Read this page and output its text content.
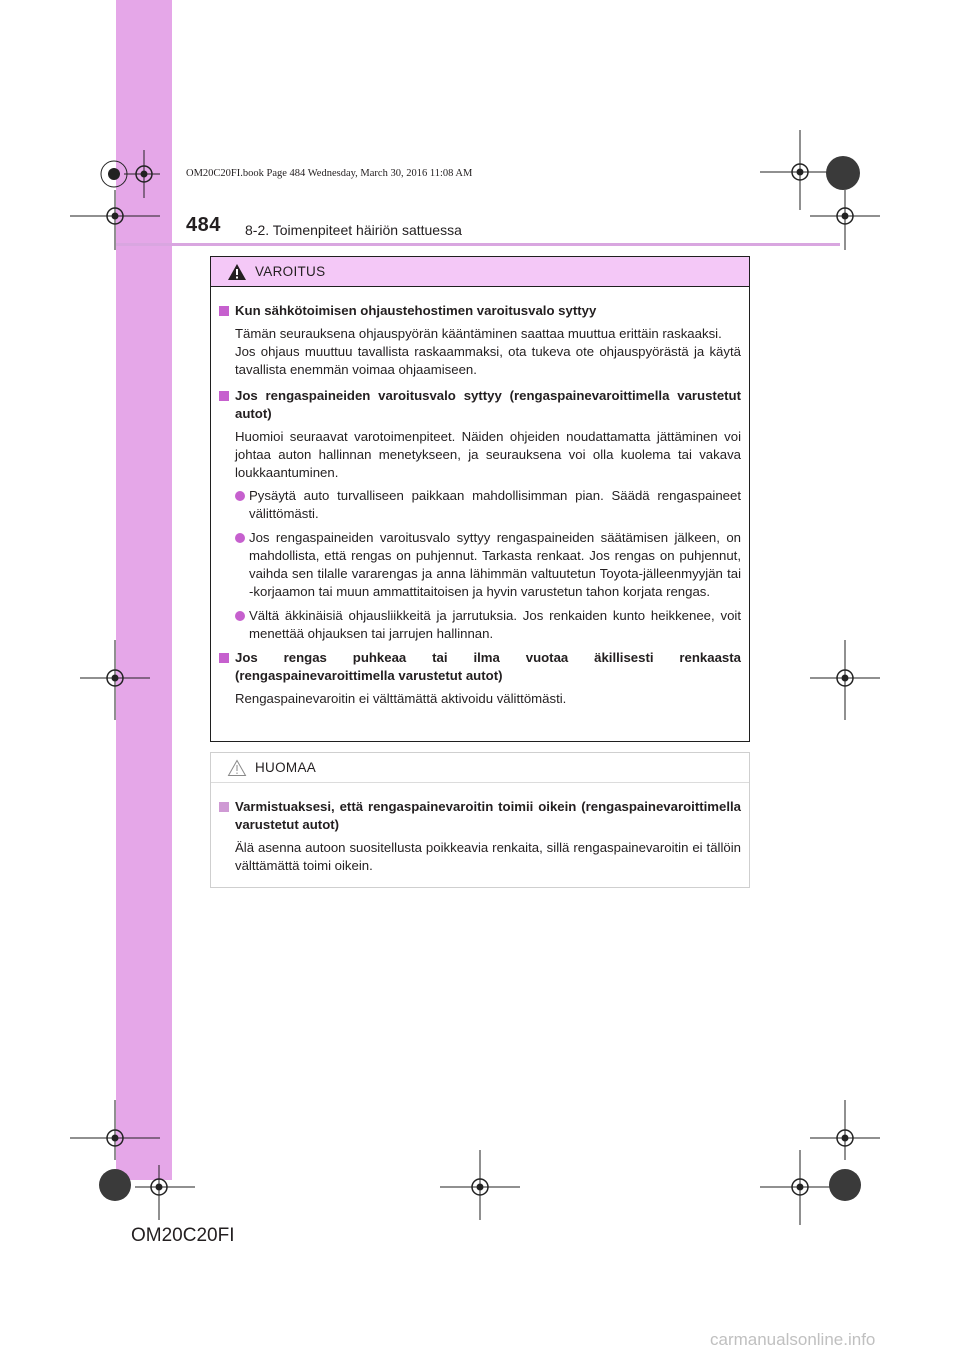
OM20C20FI.book Page 484 Wednesday, March 30, 2016 11:08 AM
484 8-2. Toimenpiteet häiriön sattuessa
OM20C20FI
carmanualsonline.info
VAROITUS
Kun sähkötoimisen ohjaustehostimen varoitusvalo syttyy

Tämän seurauksena ohjauspyörän kääntäminen saattaa muuttua erittäin raskaaksi.

Jos ohjaus muuttuu tavallista raskaammaksi, ota tukeva ote ohjauspyörästä ja käytä tavallista enemmän voimaa ohjaamiseen.

Jos rengaspaineiden varoitusvalo syttyy (rengaspainevaroittimella varustetut autot)

Huomioi seuraavat varotoimenpiteet. Näiden ohjeiden noudattamatta jättäminen voi johtaa auton hallinnan menetykseen, ja seurauksena voi olla kuolema tai vakava loukkaantuminen.

Pysäytä auto turvalliseen paikkaan mahdollisimman pian. Säädä rengaspaineet välittömästi.
Jos rengaspaineiden varoitusvalo syttyy rengaspaineiden säätämisen jälkeen, on mahdollista, että rengas on puhjennut. Tarkasta renkaat. Jos rengas on puhjennut, vaihda sen tilalle vararengas ja anna lähimmän valtuutetun Toyota-jälleenmyyjän tai -korjaamon tai muun ammattitaitoisen ja hyvin varustetun tahon korjata rengas.
Vältä äkkinäisiä ohjausliikkeitä ja jarrutuksia. Jos renkaiden kunto heikkenee, voit menettää ohjauksen tai jarrujen hallinnan.
Jos rengas puhkeaa tai ilma vuotaa äkillisesti renkaasta (rengaspainevaroittimella varustetut autot)

Rengaspainevaroitin ei välttämättä aktivoidu välittömästi.

HUOMAA
Varmistuaksesi, että rengaspainevaroitin toimii oikein (rengaspainevaroittimella varustetut autot)

Älä asenna autoon suositellusta poikkeavia renkaita, sillä rengaspainevaroitin ei tällöin välttämättä toimi oikein.
